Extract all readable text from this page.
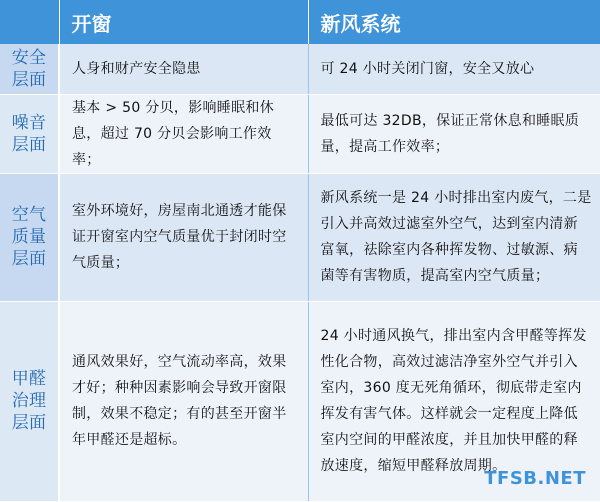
	开窗	新风系统

安全
层面	人身和财产安全隐患	可 24 小时关闭门窗，安全又放心

噪音
层面	基本 > 50 分贝，影响睡眠和休息，超过 70 分贝会影响工作效率；	最低可达 32DB，保证正常休息和睡眠质量，提高工作效率；

空气
质量
层面	室外环境好，房屋南北通透才能保证开窗室内空气质量优于封闭时空气质量；	新风系统一是 24 小时排出室内废气，二是引入并高效过滤室外空气，达到室内清新富氧，祛除室内各种挥发物、过敏源、病菌等有害物质，提高室内空气质量；

甲醛
治理
层面	通风效果好，空气流动率高，效果才好；种种因素影响会导致开窗限制，效果不稳定；有的甚至开窗半年甲醛还是超标。	24 小时通风换气，排出室内含甲醛等挥发性化合物，高效过滤洁净室外空气并引入室内，360 度无死角循环，彻底带走室内挥发有害气体。这样就会一定程度上降低室内空间的甲醛浓度，并且加快甲醛的释放速度，缩短甲醛释放周期。
TFSB.NET
